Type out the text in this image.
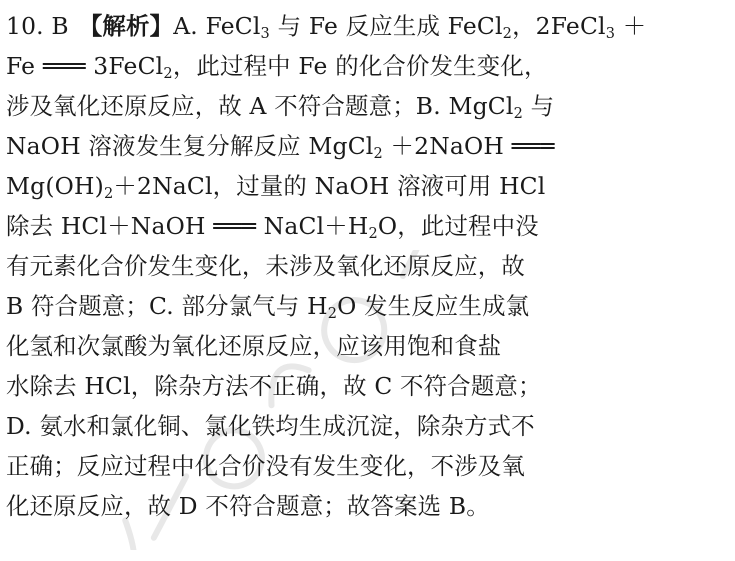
10. B 【解析】A. FeCl$_3$ 与 Fe 反应生成 FeCl$_2$，2FeCl$_3$ ＋
Fe ═══ 3FeCl$_2$，此过程中 Fe 的化合价发生变化，
涉及氧化还原反应，故 A 不符合题意；B. MgCl$_2$ 与
NaOH 溶液发生复分解反应 MgCl$_2$ ＋2NaOH ═══
$Mg(OH)_2+2NaCl$，过量的 NaOH 溶液可用 HCl
除去 HCl＋NaOH ═══ $NaCl+H_2O$，此过程中没
有元素化合价发生变化，未涉及氧化还原反应，故
B 符合题意；C. 部分氯气与 $H_2O$ 发生反应生成氯
化氢和次氯酸为氧化还原反应，应该用饱和食盐
水除去 HCl，除杂方法不正确，故 C 不符合题意；
D. 氨水和氯化铜、氯化铁均生成沉淀，除杂方式不
正确；反应过程中化合价没有发生变化，不涉及氧
化还原反应，故 D 不符合题意；故答案选 B。
